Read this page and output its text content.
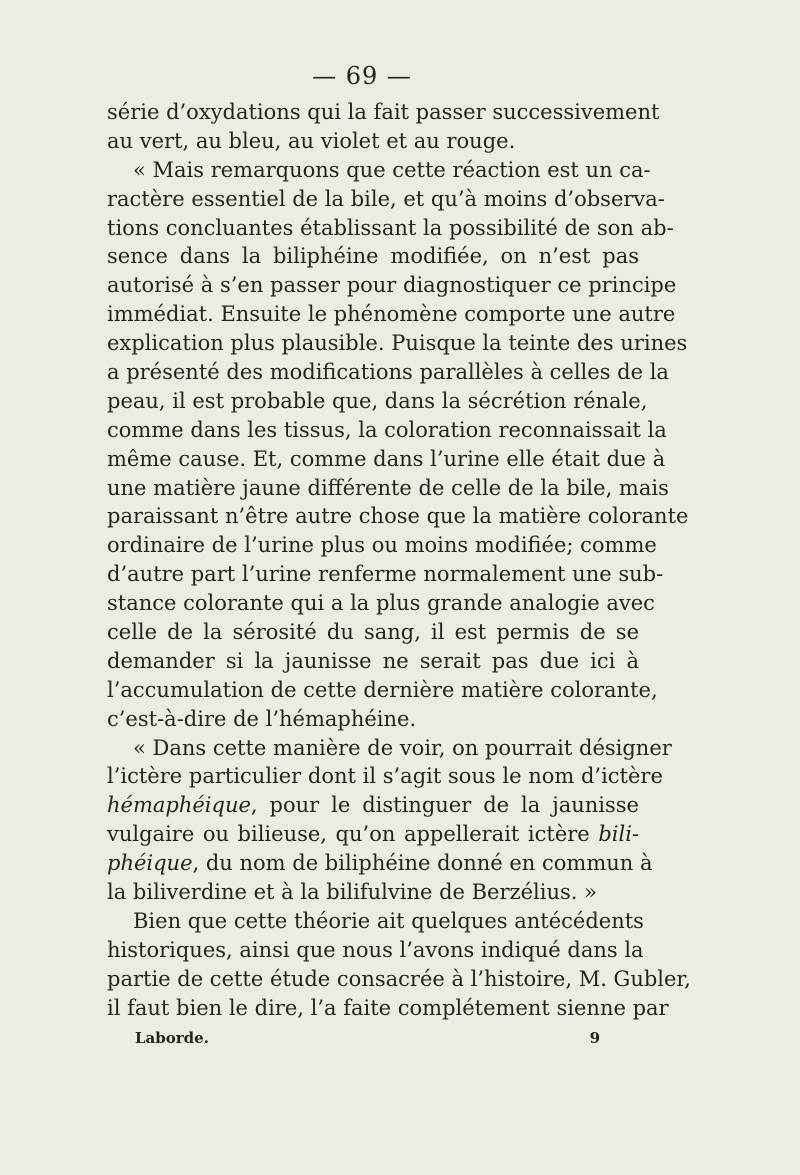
— 69 —
série d’oxydations qui la fait passer successivement
au vert, au bleu, au violet et au rouge.
« Mais remarquons que cette réaction est un ca-
ractère essentiel de la bile, et qu’à moins d’observa-
tions concluantes établissant la possibilité de son ab-
sence dans la biliphéine modifiée, on n’est pas
autorisé à s’en passer pour diagnostiquer ce principe
immédiat. Ensuite le phénomène comporte une autre
explication plus plausible. Puisque la teinte des urines
a présenté des modifications parallèles à celles de la
peau, il est probable que, dans la sécrétion rénale,
comme dans les tissus, la coloration reconnaissait la
même cause. Et, comme dans l’urine elle était due à
une matière jaune différente de celle de la bile, mais
paraissant n’être autre chose que la matière colorante
ordinaire de l’urine plus ou moins modifiée; comme
d’autre part l’urine renferme normalement une sub-
stance colorante qui a la plus grande analogie avec
celle de la sérosité du sang, il est permis de se
demander si la jaunisse ne serait pas due ici à
l’accumulation de cette dernière matière colorante,
c’est-à-dire de l’hémaphéine.
« Dans cette manière de voir, on pourrait désigner
l’ictère particulier dont il s’agit sous le nom d’ictère
hémaphéique, pour le distinguer de la jaunisse
vulgaire ou bilieuse, qu’on appellerait ictère bili-
phéique, du nom de biliphéine donné en commun à
la biliverdine et à la bilifulvine de Berzélius. »
Bien que cette théorie ait quelques antécédents
historiques, ainsi que nous l’avons indiqué dans la
partie de cette étude consacrée à l’histoire, M. Gubler,
il faut bien le dire, l’a faite complétement sienne par
Laborde.	9
